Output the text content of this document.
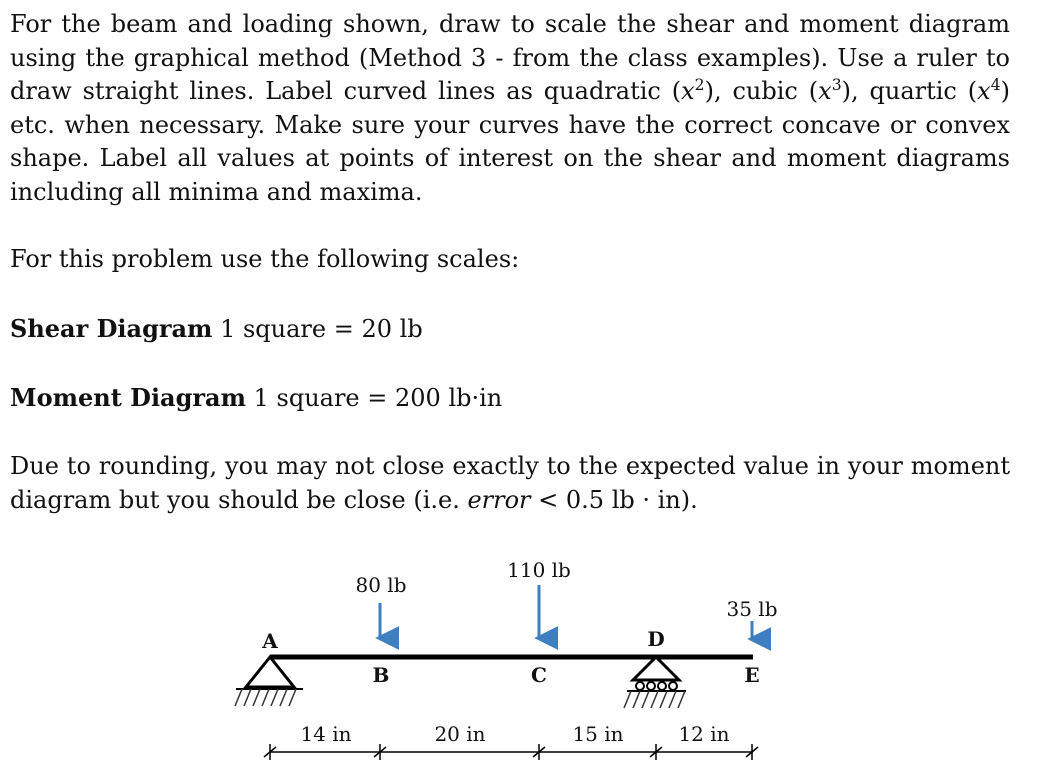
For the beam and loading shown, draw to scale the shear and moment diagram using the graphical method (Method 3 - from the class examples). Use a ruler to draw straight lines. Label curved lines as quadratic $(x^2)$, cubic $(x^3)$, quartic $(x^4)$ etc. when necessary. Make sure your curves have the correct concave or convex shape. Label all values at points of interest on the shear and moment diagrams including all minima and maxima.

For this problem use the following scales:

Shear Diagram 1 square = 20 lb

Moment Diagram 1 square = 200 lb·in

Due to rounding, you may not close exactly to the expected value in your moment diagram but you should be close (i.e. error < 0.5 lb · in).

80 lb
110 lb
35 lb
A
B	C
D
E
14 in	20 in	15 in	12 in
